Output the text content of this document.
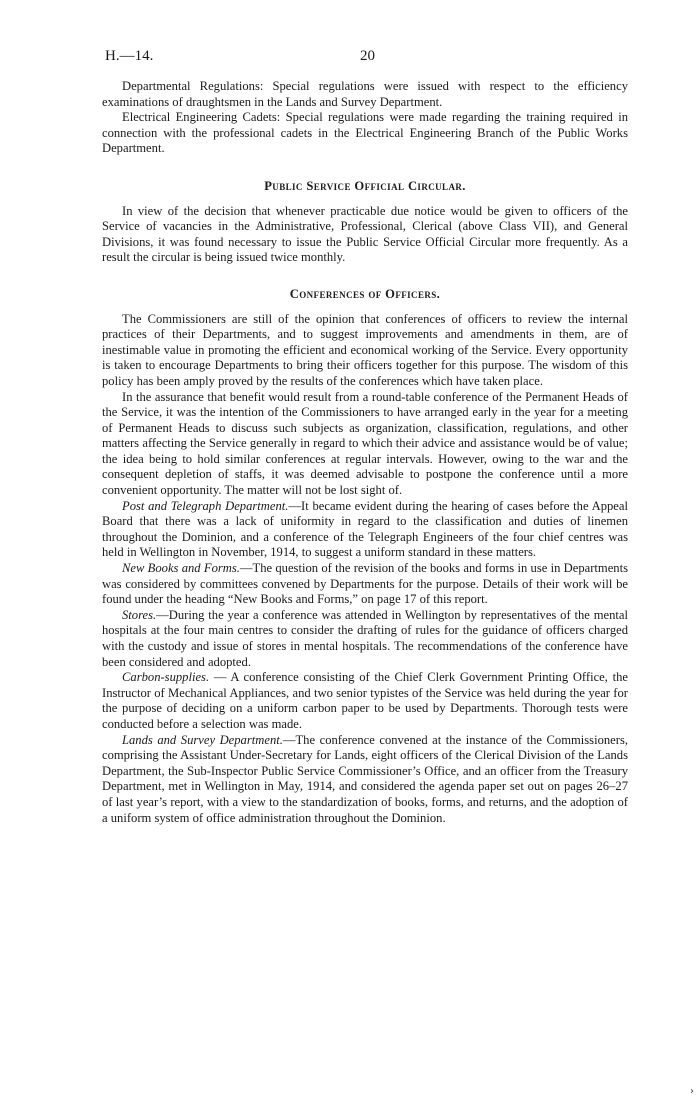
H.—14.	20

Departmental Regulations: Special regulations were issued with respect to the efficiency examinations of draughtsmen in the Lands and Survey Department.

Electrical Engineering Cadets: Special regulations were made regarding the training required in connection with the professional cadets in the Electrical Engineering Branch of the Public Works Department.

Public Service Official Circular.

In view of the decision that whenever practicable due notice would be given to officers of the Service of vacancies in the Administrative, Professional, Clerical (above Class VII), and General Divisions, it was found necessary to issue the Public Service Official Circular more frequently. As a result the circular is being issued twice monthly.

Conferences of Officers.

The Commissioners are still of the opinion that conferences of officers to review the internal practices of their Departments, and to suggest improvements and amendments in them, are of inestimable value in promoting the efficient and economical working of the Service. Every opportunity is taken to encourage Departments to bring their officers together for this purpose. The wisdom of this policy has been amply proved by the results of the conferences which have taken place.

In the assurance that benefit would result from a round-table conference of the Permanent Heads of the Service, it was the intention of the Commissioners to have arranged early in the year for a meeting of Permanent Heads to discuss such subjects as organization, classification, regulations, and other matters affecting the Service generally in regard to which their advice and assistance would be of value; the idea being to hold similar conferences at regular intervals. However, owing to the war and the consequent depletion of staffs, it was deemed advisable to postpone the conference until a more convenient opportunity. The matter will not be lost sight of.

Post and Telegraph Department.—It became evident during the hearing of cases before the Appeal Board that there was a lack of uniformity in regard to the classification and duties of linemen throughout the Dominion, and a conference of the Telegraph Engineers of the four chief centres was held in Wellington in November, 1914, to suggest a uniform standard in these matters.

New Books and Forms.—The question of the revision of the books and forms in use in Departments was considered by committees convened by Departments for the purpose. Details of their work will be found under the heading “New Books and Forms,” on page 17 of this report.

Stores.—During the year a conference was attended in Wellington by representatives of the mental hospitals at the four main centres to consider the drafting of rules for the guidance of officers charged with the custody and issue of stores in mental hospitals. The recommendations of the conference have been considered and adopted.

Carbon-supplies. — A conference consisting of the Chief Clerk Government Printing Office, the Instructor of Mechanical Appliances, and two senior typistes of the Service was held during the year for the purpose of deciding on a uniform carbon paper to be used by Departments. Thorough tests were conducted before a selection was made.

Lands and Survey Department.—The conference convened at the instance of the Commissioners, comprising the Assistant Under-Secretary for Lands, eight officers of the Clerical Division of the Lands Department, the Sub-Inspector Public Service Commissioner’s Office, and an officer from the Treasury Department, met in Wellington in May, 1914, and considered the agenda paper set out on pages 26–27 of last year’s report, with a view to the standardization of books, forms, and returns, and the adoption of a uniform system of office administration throughout the Dominion.

›
